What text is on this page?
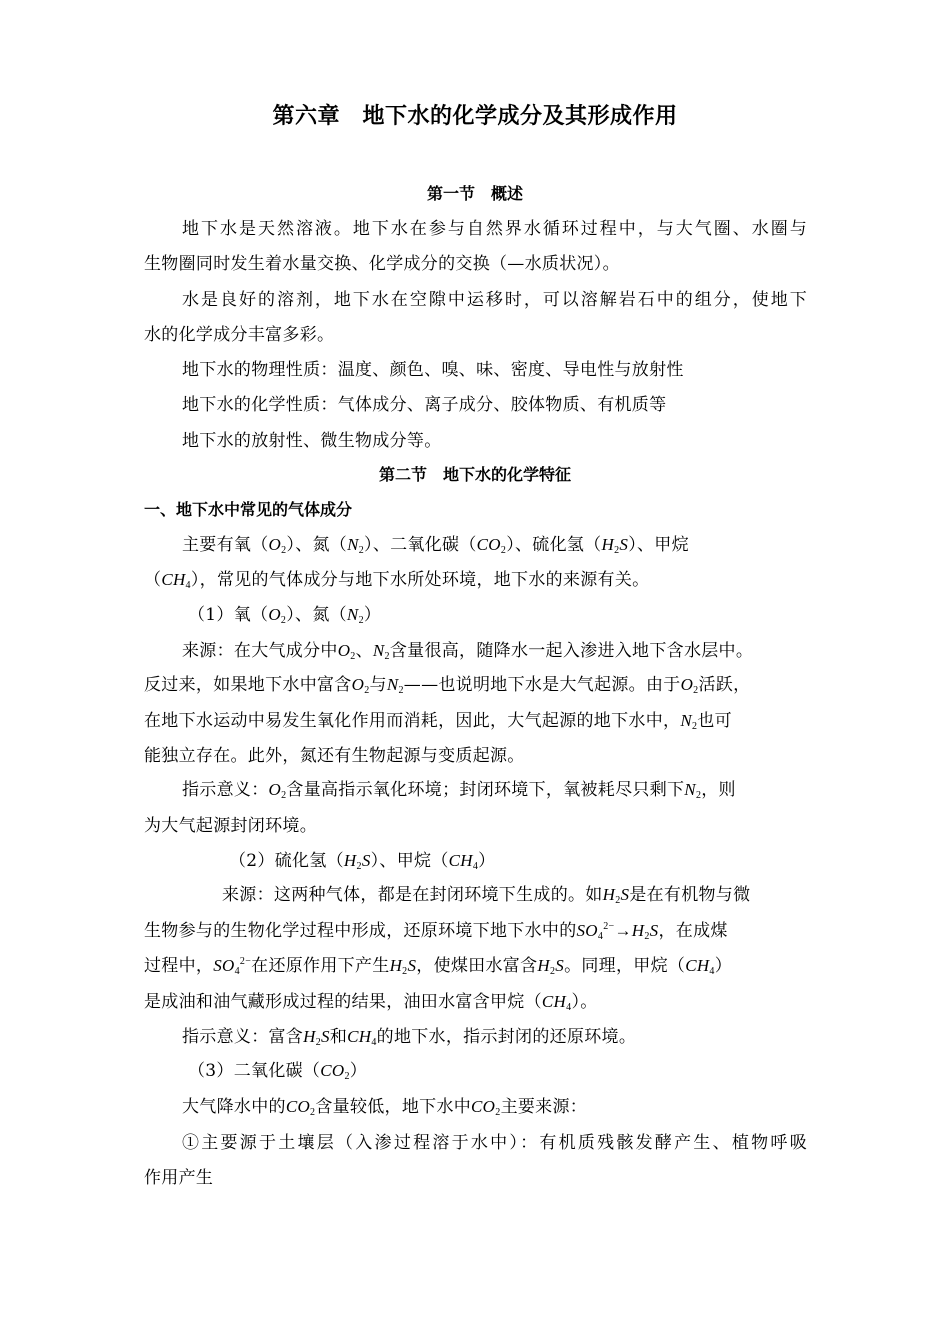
第六章　地下水的化学成分及其形成作用
第一节　概述
地下水是天然溶液。地下水在参与自然界水循环过程中，与大气圈、水圈与
生物圈同时发生着水量交换、化学成分的交换（—水质状况）。
水是良好的溶剂，地下水在空隙中运移时，可以溶解岩石中的组分，使地下
水的化学成分丰富多彩。
地下水的物理性质：温度、颜色、嗅、味、密度、导电性与放射性
地下水的化学性质：气体成分、离子成分、胶体物质、有机质等
地下水的放射性、微生物成分等。
第二节　地下水的化学特征
一、地下水中常见的气体成分
主要有氧$(O_2)$、氮$(N_2)$、二氧化碳$(CO_2)$、硫化氢$(H_2S)$、甲烷
$(CH_4)$，常见的气体成分与地下水所处环境，地下水的来源有关。
（1）氧$(O_2)$、氮$(N_2)$
来源：在大气成分中$O_2$、$N_2$含量很高，随降水一起入渗进入地下含水层中。
反过来，如果地下水中富含$O_2$与$N_2——$也说明地下水是大气起源。由于$O_2$活跃，
在地下水运动中易发生氧化作用而消耗，因此，大气起源的地下水中，$N_2$也可
能独立存在。此外，氮还有生物起源与变质起源。
指示意义：$O_2$含量高指示氧化环境；封闭环境下，氧被耗尽只剩下$N_2$，则
为大气起源封闭环境。
（2）硫化氢$(H_2S)$、甲烷$(CH_4)$
来源：这两种气体，都是在封闭环境下生成的。如$H_2S$是在有机物与微
生物参与的生物化学过程中形成，还原环境下地下水中的$SO_4^{2-}\to H_2S$，在成煤
过程中，$SO_4^{2-}$在还原作用下产生$H_2S$，使煤田水富含$H_2S$。同理，甲烷$(CH_4)$
是成油和油气藏形成过程的结果，油田水富含甲烷$(CH_4)$。
指示意义：富含$H_2S$和$CH_4$的地下水，指示封闭的还原环境。
（3）二氧化碳$(CO_2)$
大气降水中的$CO_2$含量较低，地下水中$CO_2$主要来源：
①主要源于土壤层（入渗过程溶于水中）：有机质残骸发酵产生、植物呼吸
作用产生
